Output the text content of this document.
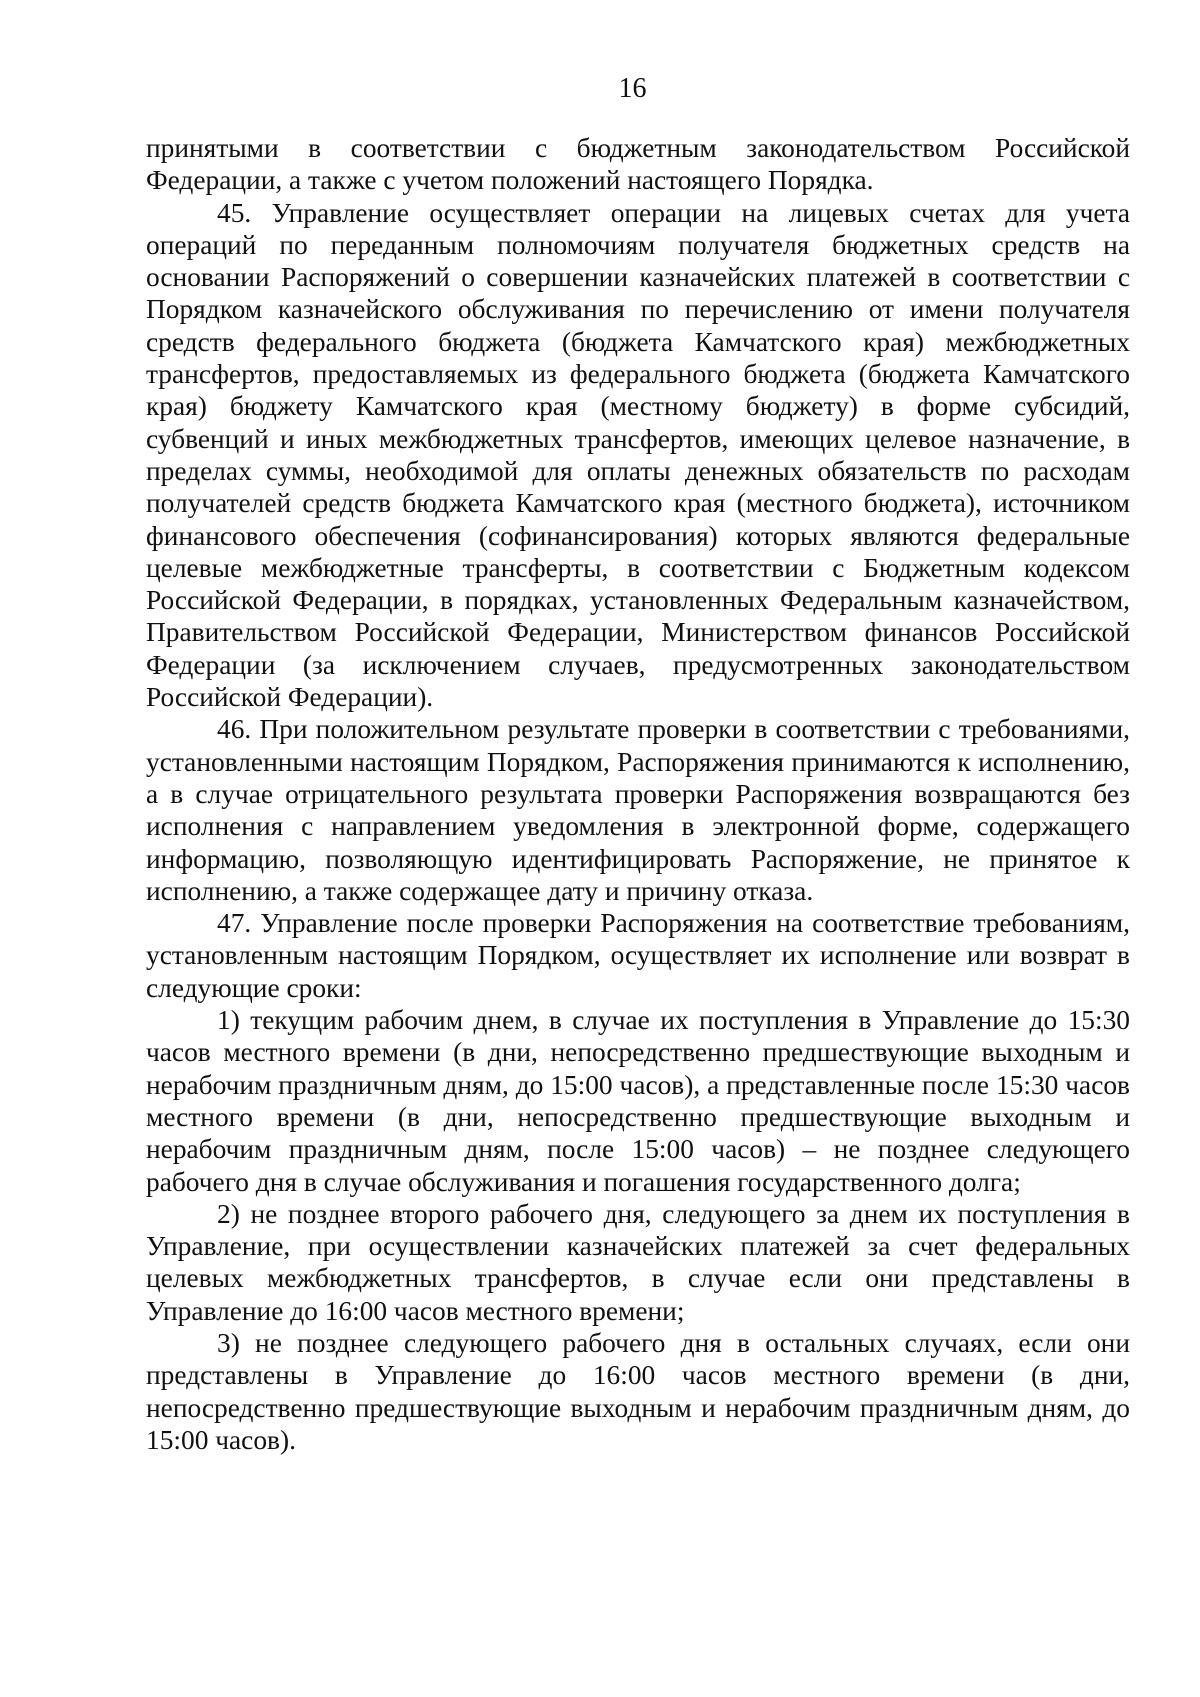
16

принятыми в соответствии с бюджетным законодательством Российской Федерации, а также с учетом положений настоящего Порядка.

45. Управление осуществляет операции на лицевых счетах для учета операций по переданным полномочиям получателя бюджетных средств на основании Распоряжений о совершении казначейских платежей в соответствии с Порядком казначейского обслуживания по перечислению от имени получателя средств федерального бюджета (бюджета Камчатского края) межбюджетных трансфертов, предоставляемых из федерального бюджета (бюджета Камчатского края) бюджету Камчатского края (местному бюджету) в форме субсидий, субвенций и иных межбюджетных трансфертов, имеющих целевое назначение, в пределах суммы, необходимой для оплаты денежных обязательств по расходам получателей средств бюджета Камчатского края (местного бюджета), источником финансового обеспечения (софинансирования) которых являются федеральные целевые межбюджетные трансферты, в соответствии с Бюджетным кодексом Российской Федерации, в порядках, установленных Федеральным казначейством, Правительством Российской Федерации, Министерством финансов Российской Федерации (за исключением случаев, предусмотренных законодательством Российской Федерации).

46. При положительном результате проверки в соответствии с требованиями, установленными настоящим Порядком, Распоряжения принимаются к исполнению, а в случае отрицательного результата проверки Распоряжения возвращаются без исполнения с направлением уведомления в электронной форме, содержащего информацию, позволяющую идентифицировать Распоряжение, не принятое к исполнению, а также содержащее дату и причину отказа.

47. Управление после проверки Распоряжения на соответствие требованиям, установленным настоящим Порядком, осуществляет их исполнение или возврат в следующие сроки:

1) текущим рабочим днем, в случае их поступления в Управление до 15:30 часов местного времени (в дни, непосредственно предшествующие выходным и нерабочим праздничным дням, до 15:00 часов), а представленные после 15:30 часов местного времени (в дни, непосредственно предшествующие выходным и нерабочим праздничным дням, после 15:00 часов) – не позднее следующего рабочего дня в случае обслуживания и погашения государственного долга;

2) не позднее второго рабочего дня, следующего за днем их поступления в Управление, при осуществлении казначейских платежей за счет федеральных целевых межбюджетных трансфертов, в случае если они представлены в Управление до 16:00 часов местного времени;

3) не позднее следующего рабочего дня в остальных случаях, если они представлены в Управление до 16:00 часов местного времени (в дни, непосредственно предшествующие выходным и нерабочим праздничным дням, до 15:00 часов).
